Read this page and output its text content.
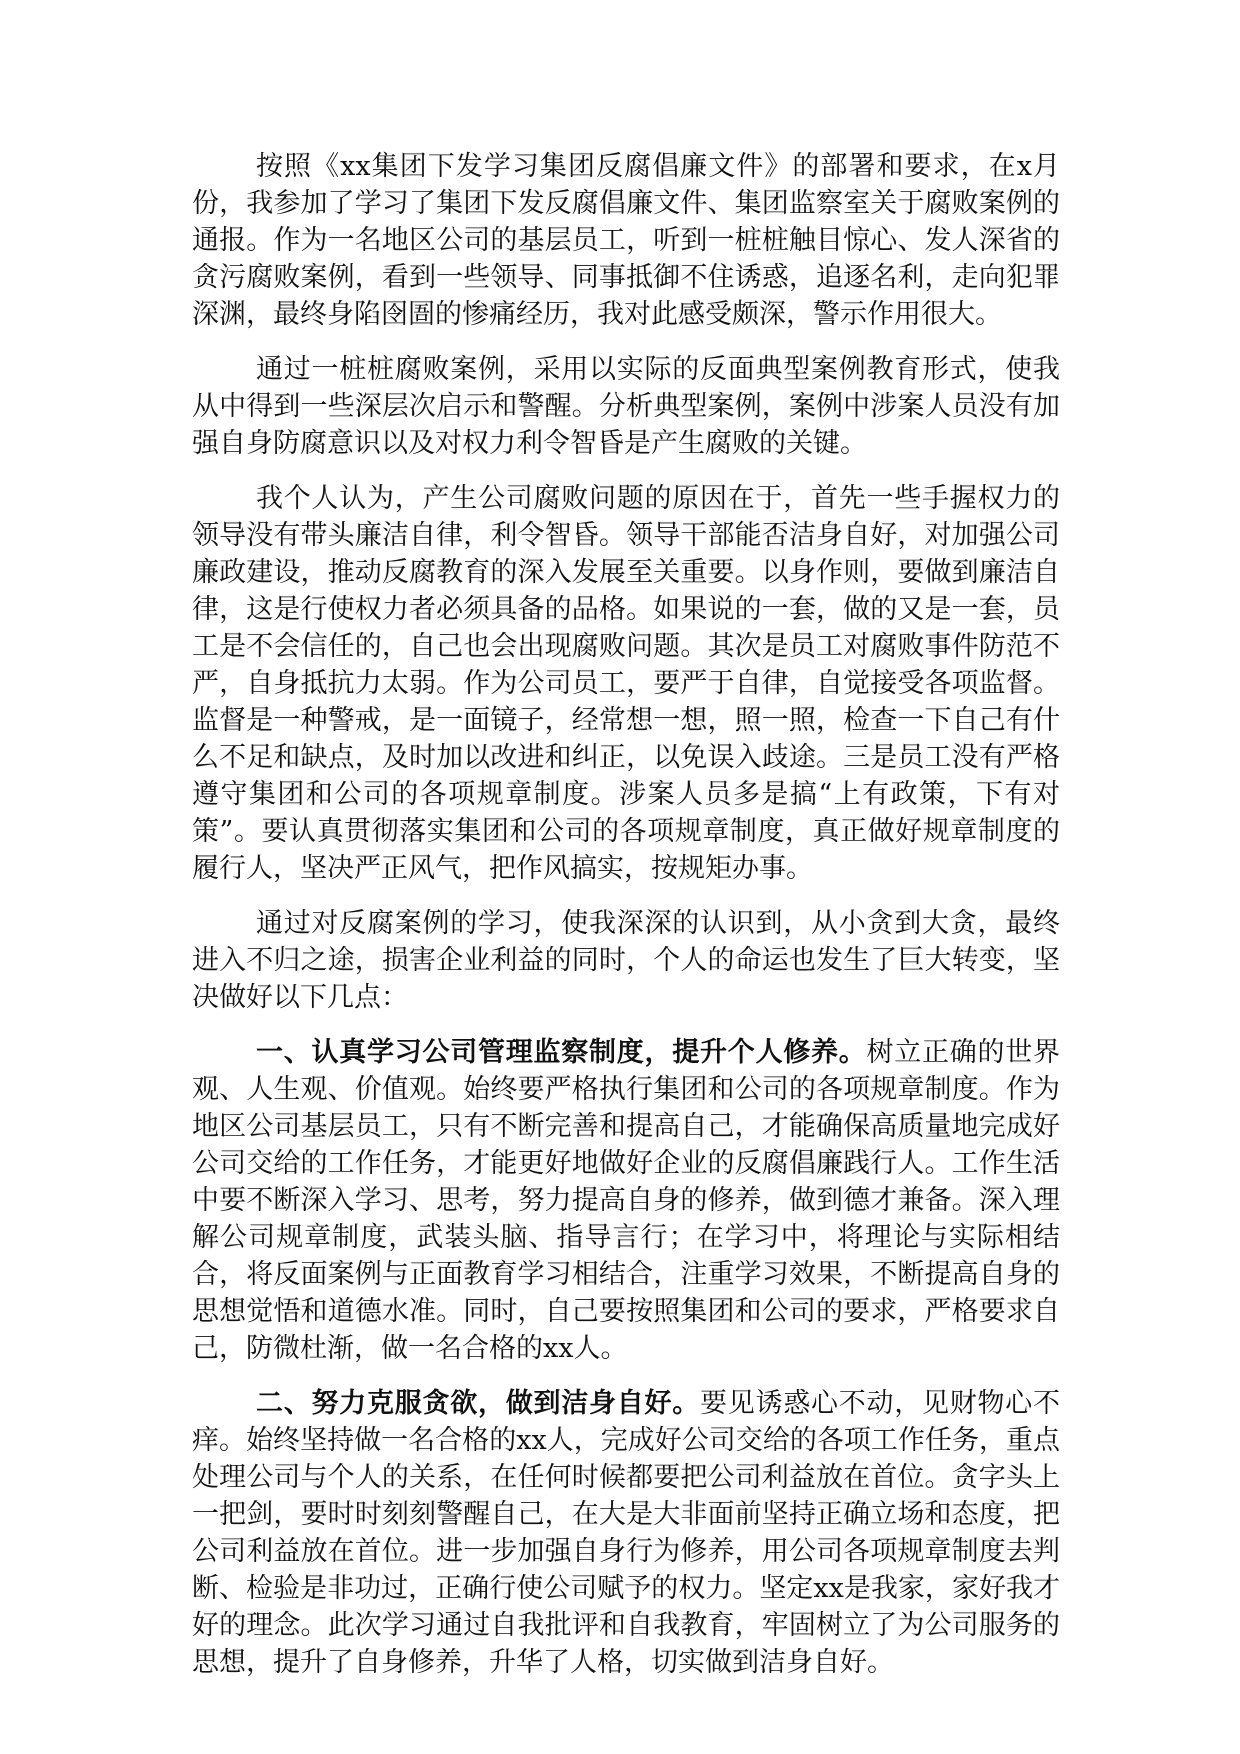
按照《xx集团下发学习集团反腐倡廉文件》的部署和要求，在x月份，我参加了学习了集团下发反腐倡廉文件、集团监察室关于腐败案例的通报。作为一名地区公司的基层员工，听到一桩桩触目惊心、发人深省的贪污腐败案例，看到一些领导、同事抵御不住诱惑，追逐名利，走向犯罪深渊，最终身陷囹圄的惨痛经历，我对此感受颇深，警示作用很大。

通过一桩桩腐败案例，采用以实际的反面典型案例教育形式，使我从中得到一些深层次启示和警醒。分析典型案例，案例中涉案人员没有加强自身防腐意识以及对权力利令智昏是产生腐败的关键。

我个人认为，产生公司腐败问题的原因在于，首先一些手握权力的领导没有带头廉洁自律，利令智昏。领导干部能否洁身自好，对加强公司廉政建设，推动反腐教育的深入发展至关重要。以身作则，要做到廉洁自律，这是行使权力者必须具备的品格。如果说的一套，做的又是一套，员工是不会信任的，自己也会出现腐败问题。其次是员工对腐败事件防范不严，自身抵抗力太弱。作为公司员工，要严于自律，自觉接受各项监督。监督是一种警戒，是一面镜子，经常想一想，照一照，检查一下自己有什么不足和缺点，及时加以改进和纠正，以免误入歧途。三是员工没有严格遵守集团和公司的各项规章制度。涉案人员多是搞“上有政策，下有对策”。要认真贯彻落实集团和公司的各项规章制度，真正做好规章制度的履行人，坚决严正风气，把作风搞实，按规矩办事。

通过对反腐案例的学习，使我深深的认识到，从小贪到大贪，最终进入不归之途，损害企业利益的同时，个人的命运也发生了巨大转变，坚决做好以下几点：

一、认真学习公司管理监察制度，提升个人修养。树立正确的世界观、人生观、价值观。始终要严格执行集团和公司的各项规章制度。作为地区公司基层员工，只有不断完善和提高自己，才能确保高质量地完成好公司交给的工作任务，才能更好地做好企业的反腐倡廉践行人。工作生活中要不断深入学习、思考，努力提高自身的修养，做到德才兼备。深入理解公司规章制度，武装头脑、指导言行；在学习中，将理论与实际相结合，将反面案例与正面教育学习相结合，注重学习效果，不断提高自身的思想觉悟和道德水准。同时，自己要按照集团和公司的要求，严格要求自己，防微杜渐，做一名合格的xx人。

二、努力克服贪欲，做到洁身自好。要见诱惑心不动，见财物心不痒。始终坚持做一名合格的xx人，完成好公司交给的各项工作任务，重点处理公司与个人的关系，在任何时候都要把公司利益放在首位。贪字头上一把剑，要时时刻刻警醒自己，在大是大非面前坚持正确立场和态度，把公司利益放在首位。进一步加强自身行为修养，用公司各项规章制度去判断、检验是非功过，正确行使公司赋予的权力。坚定xx是我家，家好我才好的理念。此次学习通过自我批评和自我教育，牢固树立了为公司服务的思想，提升了自身修养，升华了人格，切实做到洁身自好。
